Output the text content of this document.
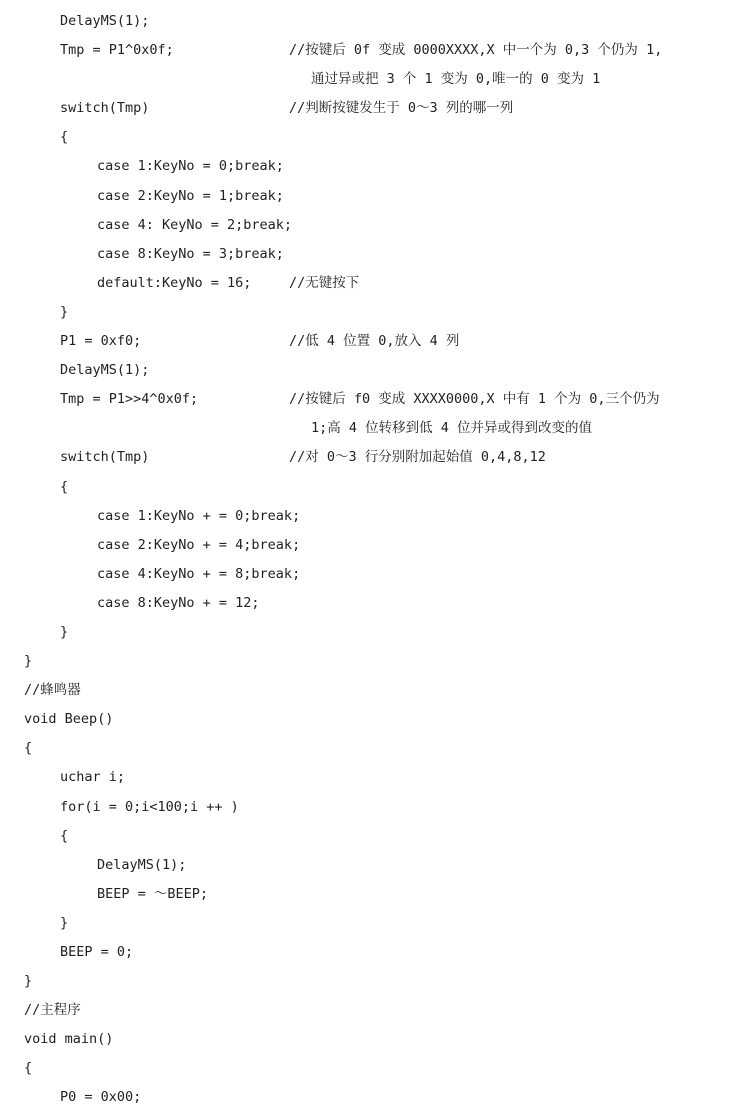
DelayMS(1);
Tmp = P1^0x0f;	//按键后 0f 变成 0000XXXX,X 中一个为 0,3 个仍为 1,
通过异或把 3 个 1 变为 0,唯一的 0 变为 1
switch(Tmp)	//判断按键发生于 0～3 列的哪一列
{
case 1:KeyNo = 0;break;
case 2:KeyNo = 1;break;
case 4: KeyNo = 2;break;
case 8:KeyNo = 3;break;
default:KeyNo = 16;	//无键按下
}
P1 = 0xf0;	//低 4 位置 0,放入 4 列
DelayMS(1);
Tmp = P1>>4^0x0f;	//按键后 f0 变成 XXXX0000,X 中有 1 个为 0,三个仍为
1;高 4 位转移到低 4 位并异或得到改变的值
switch(Tmp)	//对 0～3 行分别附加起始值 0,4,8,12
{
case 1:KeyNo + = 0;break;
case 2:KeyNo + = 4;break;
case 4:KeyNo + = 8;break;
case 8:KeyNo + = 12;
}
}
//蜂鸣器
void Beep()
{
uchar i;
for(i = 0;i<100;i ++ )
{
DelayMS(1);
BEEP = ～BEEP;
}
BEEP = 0;
}
//主程序
void main()
{
P0 = 0x00;
